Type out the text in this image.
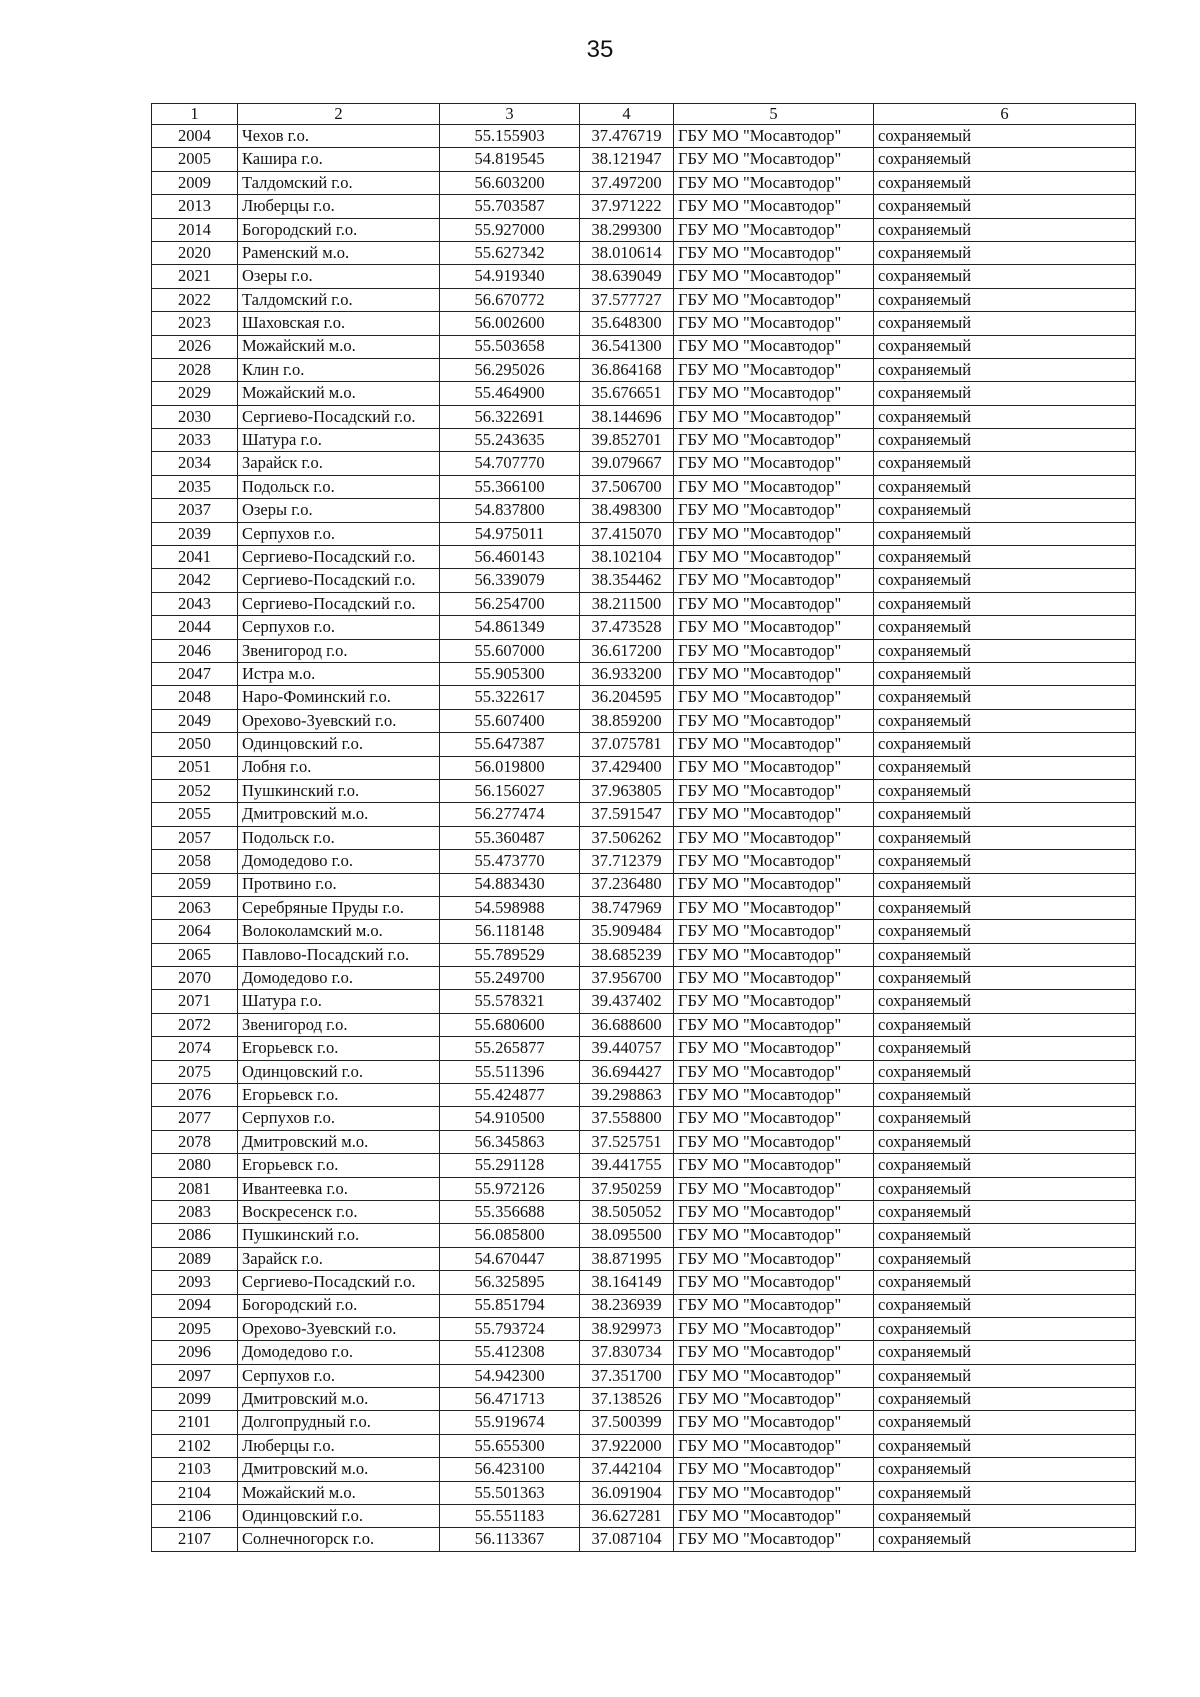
35
1	2	3	4	5	6
2004	Чехов г.о.	55.155903	37.476719	ГБУ МО "Мосавтодор"	сохраняемый
2005	Кашира г.о.	54.819545	38.121947	ГБУ МО "Мосавтодор"	сохраняемый
2009	Талдомский г.о.	56.603200	37.497200	ГБУ МО "Мосавтодор"	сохраняемый
2013	Люберцы г.о.	55.703587	37.971222	ГБУ МО "Мосавтодор"	сохраняемый
2014	Богородский г.о.	55.927000	38.299300	ГБУ МО "Мосавтодор"	сохраняемый
2020	Раменский м.о.	55.627342	38.010614	ГБУ МО "Мосавтодор"	сохраняемый
2021	Озеры г.о.	54.919340	38.639049	ГБУ МО "Мосавтодор"	сохраняемый
2022	Талдомский г.о.	56.670772	37.577727	ГБУ МО "Мосавтодор"	сохраняемый
2023	Шаховская г.о.	56.002600	35.648300	ГБУ МО "Мосавтодор"	сохраняемый
2026	Можайский м.о.	55.503658	36.541300	ГБУ МО "Мосавтодор"	сохраняемый
2028	Клин г.о.	56.295026	36.864168	ГБУ МО "Мосавтодор"	сохраняемый
2029	Можайский м.о.	55.464900	35.676651	ГБУ МО "Мосавтодор"	сохраняемый
2030	Сергиево-Посадский г.о.	56.322691	38.144696	ГБУ МО "Мосавтодор"	сохраняемый
2033	Шатура г.о.	55.243635	39.852701	ГБУ МО "Мосавтодор"	сохраняемый
2034	Зарайск г.о.	54.707770	39.079667	ГБУ МО "Мосавтодор"	сохраняемый
2035	Подольск г.о.	55.366100	37.506700	ГБУ МО "Мосавтодор"	сохраняемый
2037	Озеры г.о.	54.837800	38.498300	ГБУ МО "Мосавтодор"	сохраняемый
2039	Серпухов г.о.	54.975011	37.415070	ГБУ МО "Мосавтодор"	сохраняемый
2041	Сергиево-Посадский г.о.	56.460143	38.102104	ГБУ МО "Мосавтодор"	сохраняемый
2042	Сергиево-Посадский г.о.	56.339079	38.354462	ГБУ МО "Мосавтодор"	сохраняемый
2043	Сергиево-Посадский г.о.	56.254700	38.211500	ГБУ МО "Мосавтодор"	сохраняемый
2044	Серпухов г.о.	54.861349	37.473528	ГБУ МО "Мосавтодор"	сохраняемый
2046	Звенигород г.о.	55.607000	36.617200	ГБУ МО "Мосавтодор"	сохраняемый
2047	Истра м.о.	55.905300	36.933200	ГБУ МО "Мосавтодор"	сохраняемый
2048	Наро-Фоминский г.о.	55.322617	36.204595	ГБУ МО "Мосавтодор"	сохраняемый
2049	Орехово-Зуевский г.о.	55.607400	38.859200	ГБУ МО "Мосавтодор"	сохраняемый
2050	Одинцовский г.о.	55.647387	37.075781	ГБУ МО "Мосавтодор"	сохраняемый
2051	Лобня г.о.	56.019800	37.429400	ГБУ МО "Мосавтодор"	сохраняемый
2052	Пушкинский г.о.	56.156027	37.963805	ГБУ МО "Мосавтодор"	сохраняемый
2055	Дмитровский м.о.	56.277474	37.591547	ГБУ МО "Мосавтодор"	сохраняемый
2057	Подольск г.о.	55.360487	37.506262	ГБУ МО "Мосавтодор"	сохраняемый
2058	Домодедово г.о.	55.473770	37.712379	ГБУ МО "Мосавтодор"	сохраняемый
2059	Протвино г.о.	54.883430	37.236480	ГБУ МО "Мосавтодор"	сохраняемый
2063	Серебряные Пруды г.о.	54.598988	38.747969	ГБУ МО "Мосавтодор"	сохраняемый
2064	Волоколамский м.о.	56.118148	35.909484	ГБУ МО "Мосавтодор"	сохраняемый
2065	Павлово-Посадский г.о.	55.789529	38.685239	ГБУ МО "Мосавтодор"	сохраняемый
2070	Домодедово г.о.	55.249700	37.956700	ГБУ МО "Мосавтодор"	сохраняемый
2071	Шатура г.о.	55.578321	39.437402	ГБУ МО "Мосавтодор"	сохраняемый
2072	Звенигород г.о.	55.680600	36.688600	ГБУ МО "Мосавтодор"	сохраняемый
2074	Егорьевск г.о.	55.265877	39.440757	ГБУ МО "Мосавтодор"	сохраняемый
2075	Одинцовский г.о.	55.511396	36.694427	ГБУ МО "Мосавтодор"	сохраняемый
2076	Егорьевск г.о.	55.424877	39.298863	ГБУ МО "Мосавтодор"	сохраняемый
2077	Серпухов г.о.	54.910500	37.558800	ГБУ МО "Мосавтодор"	сохраняемый
2078	Дмитровский м.о.	56.345863	37.525751	ГБУ МО "Мосавтодор"	сохраняемый
2080	Егорьевск г.о.	55.291128	39.441755	ГБУ МО "Мосавтодор"	сохраняемый
2081	Ивантеевка г.о.	55.972126	37.950259	ГБУ МО "Мосавтодор"	сохраняемый
2083	Воскресенск г.о.	55.356688	38.505052	ГБУ МО "Мосавтодор"	сохраняемый
2086	Пушкинский г.о.	56.085800	38.095500	ГБУ МО "Мосавтодор"	сохраняемый
2089	Зарайск г.о.	54.670447	38.871995	ГБУ МО "Мосавтодор"	сохраняемый
2093	Сергиево-Посадский г.о.	56.325895	38.164149	ГБУ МО "Мосавтодор"	сохраняемый
2094	Богородский г.о.	55.851794	38.236939	ГБУ МО "Мосавтодор"	сохраняемый
2095	Орехово-Зуевский г.о.	55.793724	38.929973	ГБУ МО "Мосавтодор"	сохраняемый
2096	Домодедово г.о.	55.412308	37.830734	ГБУ МО "Мосавтодор"	сохраняемый
2097	Серпухов г.о.	54.942300	37.351700	ГБУ МО "Мосавтодор"	сохраняемый
2099	Дмитровский м.о.	56.471713	37.138526	ГБУ МО "Мосавтодор"	сохраняемый
2101	Долгопрудный г.о.	55.919674	37.500399	ГБУ МО "Мосавтодор"	сохраняемый
2102	Люберцы г.о.	55.655300	37.922000	ГБУ МО "Мосавтодор"	сохраняемый
2103	Дмитровский м.о.	56.423100	37.442104	ГБУ МО "Мосавтодор"	сохраняемый
2104	Можайский м.о.	55.501363	36.091904	ГБУ МО "Мосавтодор"	сохраняемый
2106	Одинцовский г.о.	55.551183	36.627281	ГБУ МО "Мосавтодор"	сохраняемый
2107	Солнечногорск г.о.	56.113367	37.087104	ГБУ МО "Мосавтодор"	сохраняемый
